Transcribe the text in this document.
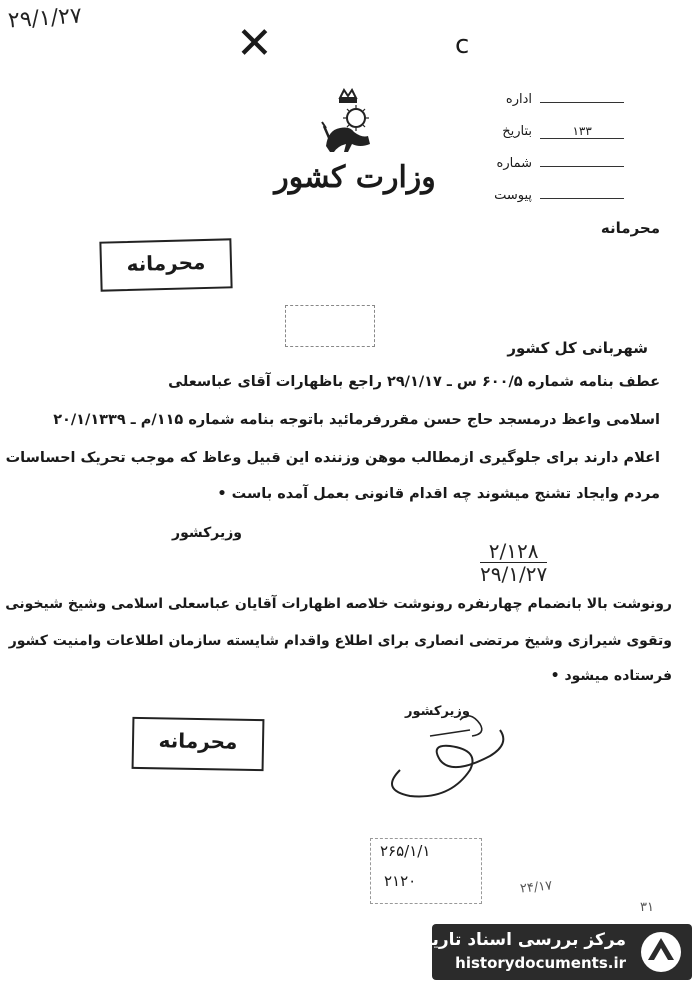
۲۹/۱/۲۷	✕	ᴄ
وزارت کشور
اداره
بتاریخ	۱۳۳
شماره
پیوست
محرمانه
محرمانه
شهربانی کل کشور
عطف بنامه شماره ۶۰۰/۵ س ـ ۲۹/۱/۱۷ راجع باظهارات آقای عباسعلی
اسلامی واعظ درمسجد حاج حسن مقررفرمائید باتوجه بنامه شماره ۱۱۵/م ـ ۲۰/۱/۱۳۳۹
اعلام دارند برای جلوگیری ازمطالب موهن وزننده این قبیل وعاظ که موجب تحریک احساسات
مردم وایجاد تشنج میشوند چه اقدام قانونی بعمل آمده باست •
وزیرکشور
۲/۱۲۸
۲۹/۱/۲۷
رونوشت بالا بانضمام چهارنفره رونوشت خلاصه اظهارات آقایان عباسعلی اسلامی وشیخ شیخونی
وتقوی شیرازی وشیخ مرتضی انصاری برای اطلاع واقدام شایسته سازمان اطلاعات وامنیت کشور
فرستاده میشود •
محرمانه
وزیرکشور
۲۶۵/۱/۱
۲۱۲۰	۲۴/۱۷
۳۱
مرکز بررسی اسناد تاریخی
historydocuments.ir
